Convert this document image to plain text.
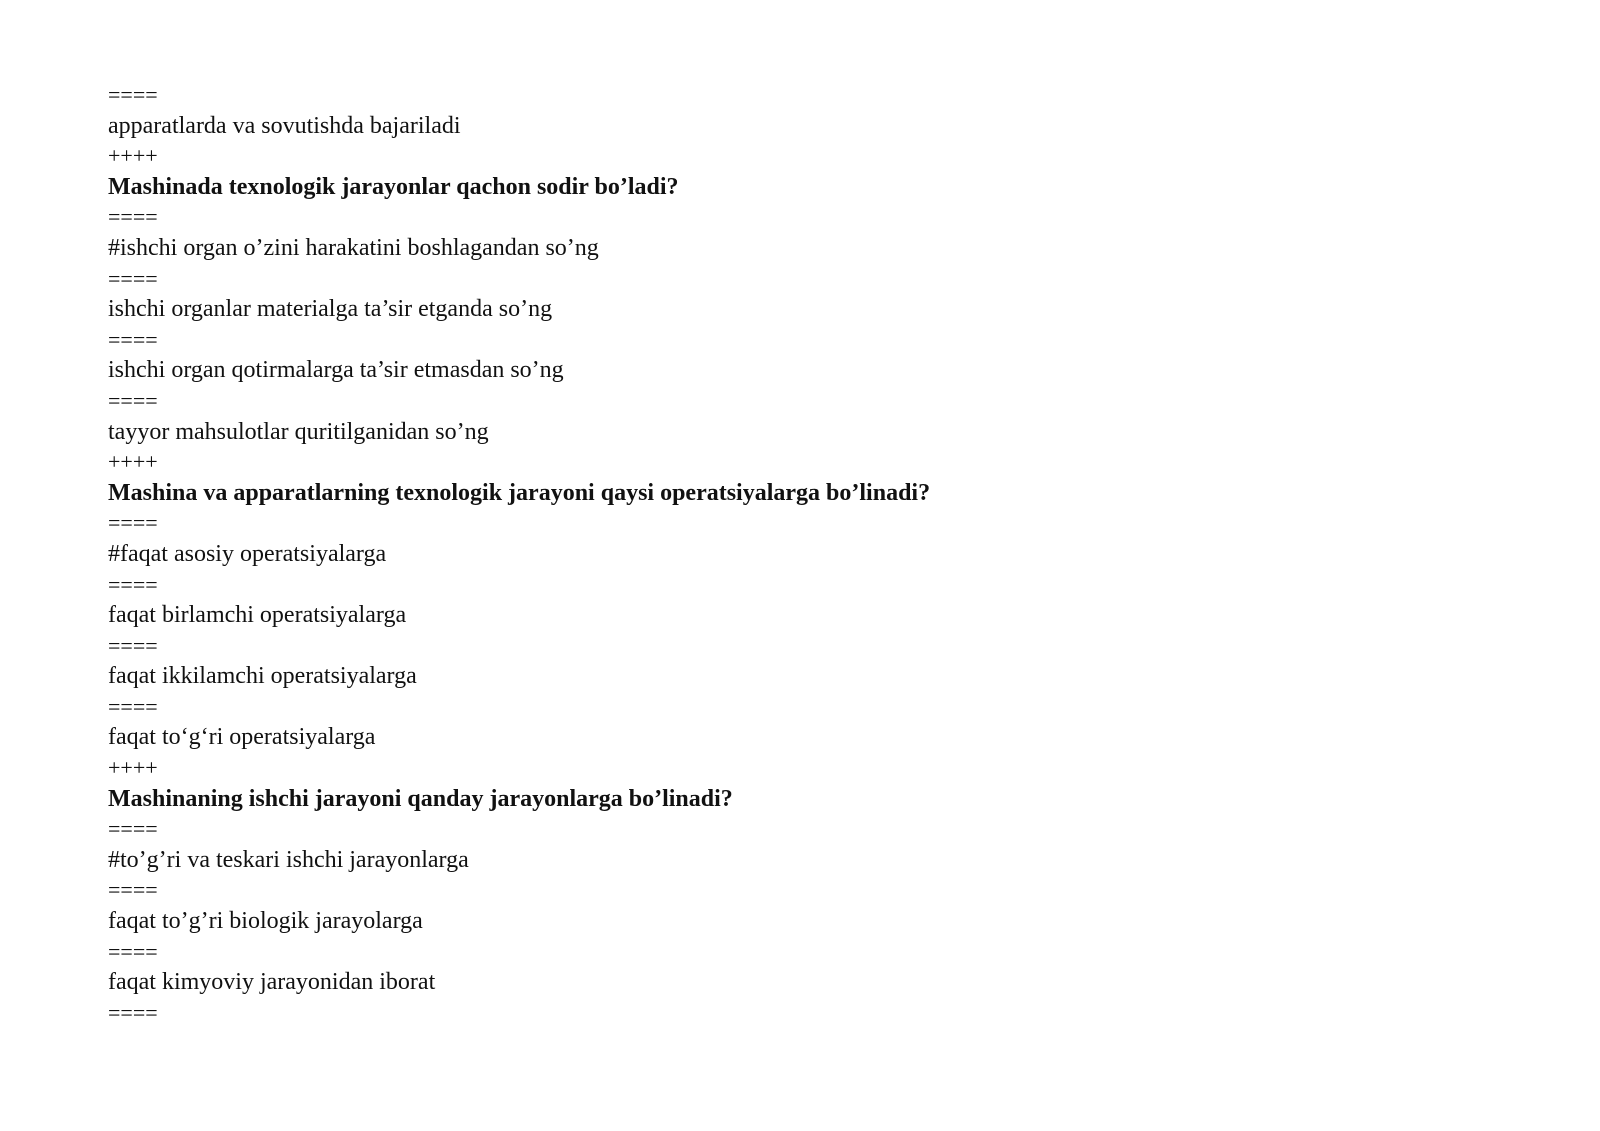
====
apparatlarda va sovutishda bajariladi
++++
Mashinada texnologik jarayonlar qachon sodir bo’ladi?
====
#ishchi organ o’zini harakatini boshlagandan so’ng
====
ishchi organlar materialga ta’sir etganda so’ng
====
ishchi organ qotirmalarga ta’sir etmasdan so’ng
====
tayyor mahsulotlar quritilganidan so’ng
++++
Mashina va apparatlarning texnologik jarayoni qaysi operatsiyalarga bo’linadi?
====
#faqat asosiy operatsiyalarga
====
faqat birlamchi operatsiyalarga
====
faqat ikkilamchi operatsiyalarga
====
faqat to‘g‘ri operatsiyalarga
++++
Mashinaning ishchi jarayoni qanday jarayonlarga bo’linadi?
====
#to’g’ri va teskari ishchi jarayonlarga
====
faqat to’g’ri biologik jarayolarga
====
faqat kimyoviy jarayonidan iborat
====
